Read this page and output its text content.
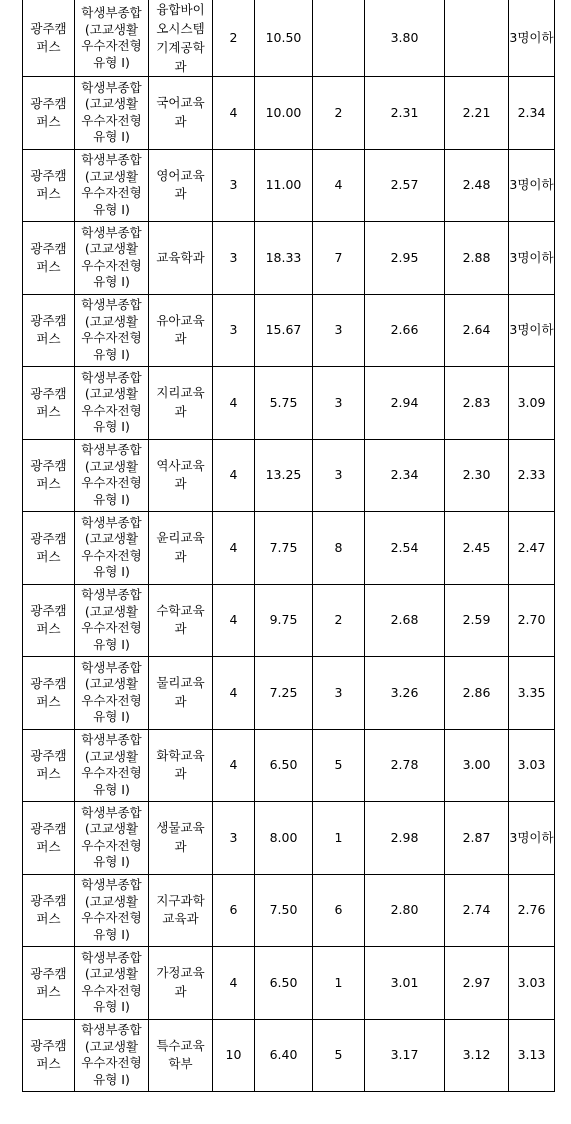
광주캠
퍼스	학생부종합
(고교생활
우수자전형
유형 I)	융합바이
오시스템
기계공학
과	2	10.50		3.80		3명이하
광주캠
퍼스	학생부종합
(고교생활
우수자전형
유형 I)	국어교육
과	4	10.00	2	2.31	2.21	2.34
광주캠
퍼스	학생부종합
(고교생활
우수자전형
유형 I)	영어교육
과	3	11.00	4	2.57	2.48	3명이하
광주캠
퍼스	학생부종합
(고교생활
우수자전형
유형 I)	교육학과	3	18.33	7	2.95	2.88	3명이하
광주캠
퍼스	학생부종합
(고교생활
우수자전형
유형 I)	유아교육
과	3	15.67	3	2.66	2.64	3명이하
광주캠
퍼스	학생부종합
(고교생활
우수자전형
유형 I)	지리교육
과	4	5.75	3	2.94	2.83	3.09
광주캠
퍼스	학생부종합
(고교생활
우수자전형
유형 I)	역사교육
과	4	13.25	3	2.34	2.30	2.33
광주캠
퍼스	학생부종합
(고교생활
우수자전형
유형 I)	윤리교육
과	4	7.75	8	2.54	2.45	2.47
광주캠
퍼스	학생부종합
(고교생활
우수자전형
유형 I)	수학교육
과	4	9.75	2	2.68	2.59	2.70
광주캠
퍼스	학생부종합
(고교생활
우수자전형
유형 I)	물리교육
과	4	7.25	3	3.26	2.86	3.35
광주캠
퍼스	학생부종합
(고교생활
우수자전형
유형 I)	화학교육
과	4	6.50	5	2.78	3.00	3.03
광주캠
퍼스	학생부종합
(고교생활
우수자전형
유형 I)	생물교육
과	3	8.00	1	2.98	2.87	3명이하
광주캠
퍼스	학생부종합
(고교생활
우수자전형
유형 I)	지구과학
교육과	6	7.50	6	2.80	2.74	2.76
광주캠
퍼스	학생부종합
(고교생활
우수자전형
유형 I)	가정교육
과	4	6.50	1	3.01	2.97	3.03
광주캠
퍼스	학생부종합
(고교생활
우수자전형
유형 I)	특수교육
학부	10	6.40	5	3.17	3.12	3.13
